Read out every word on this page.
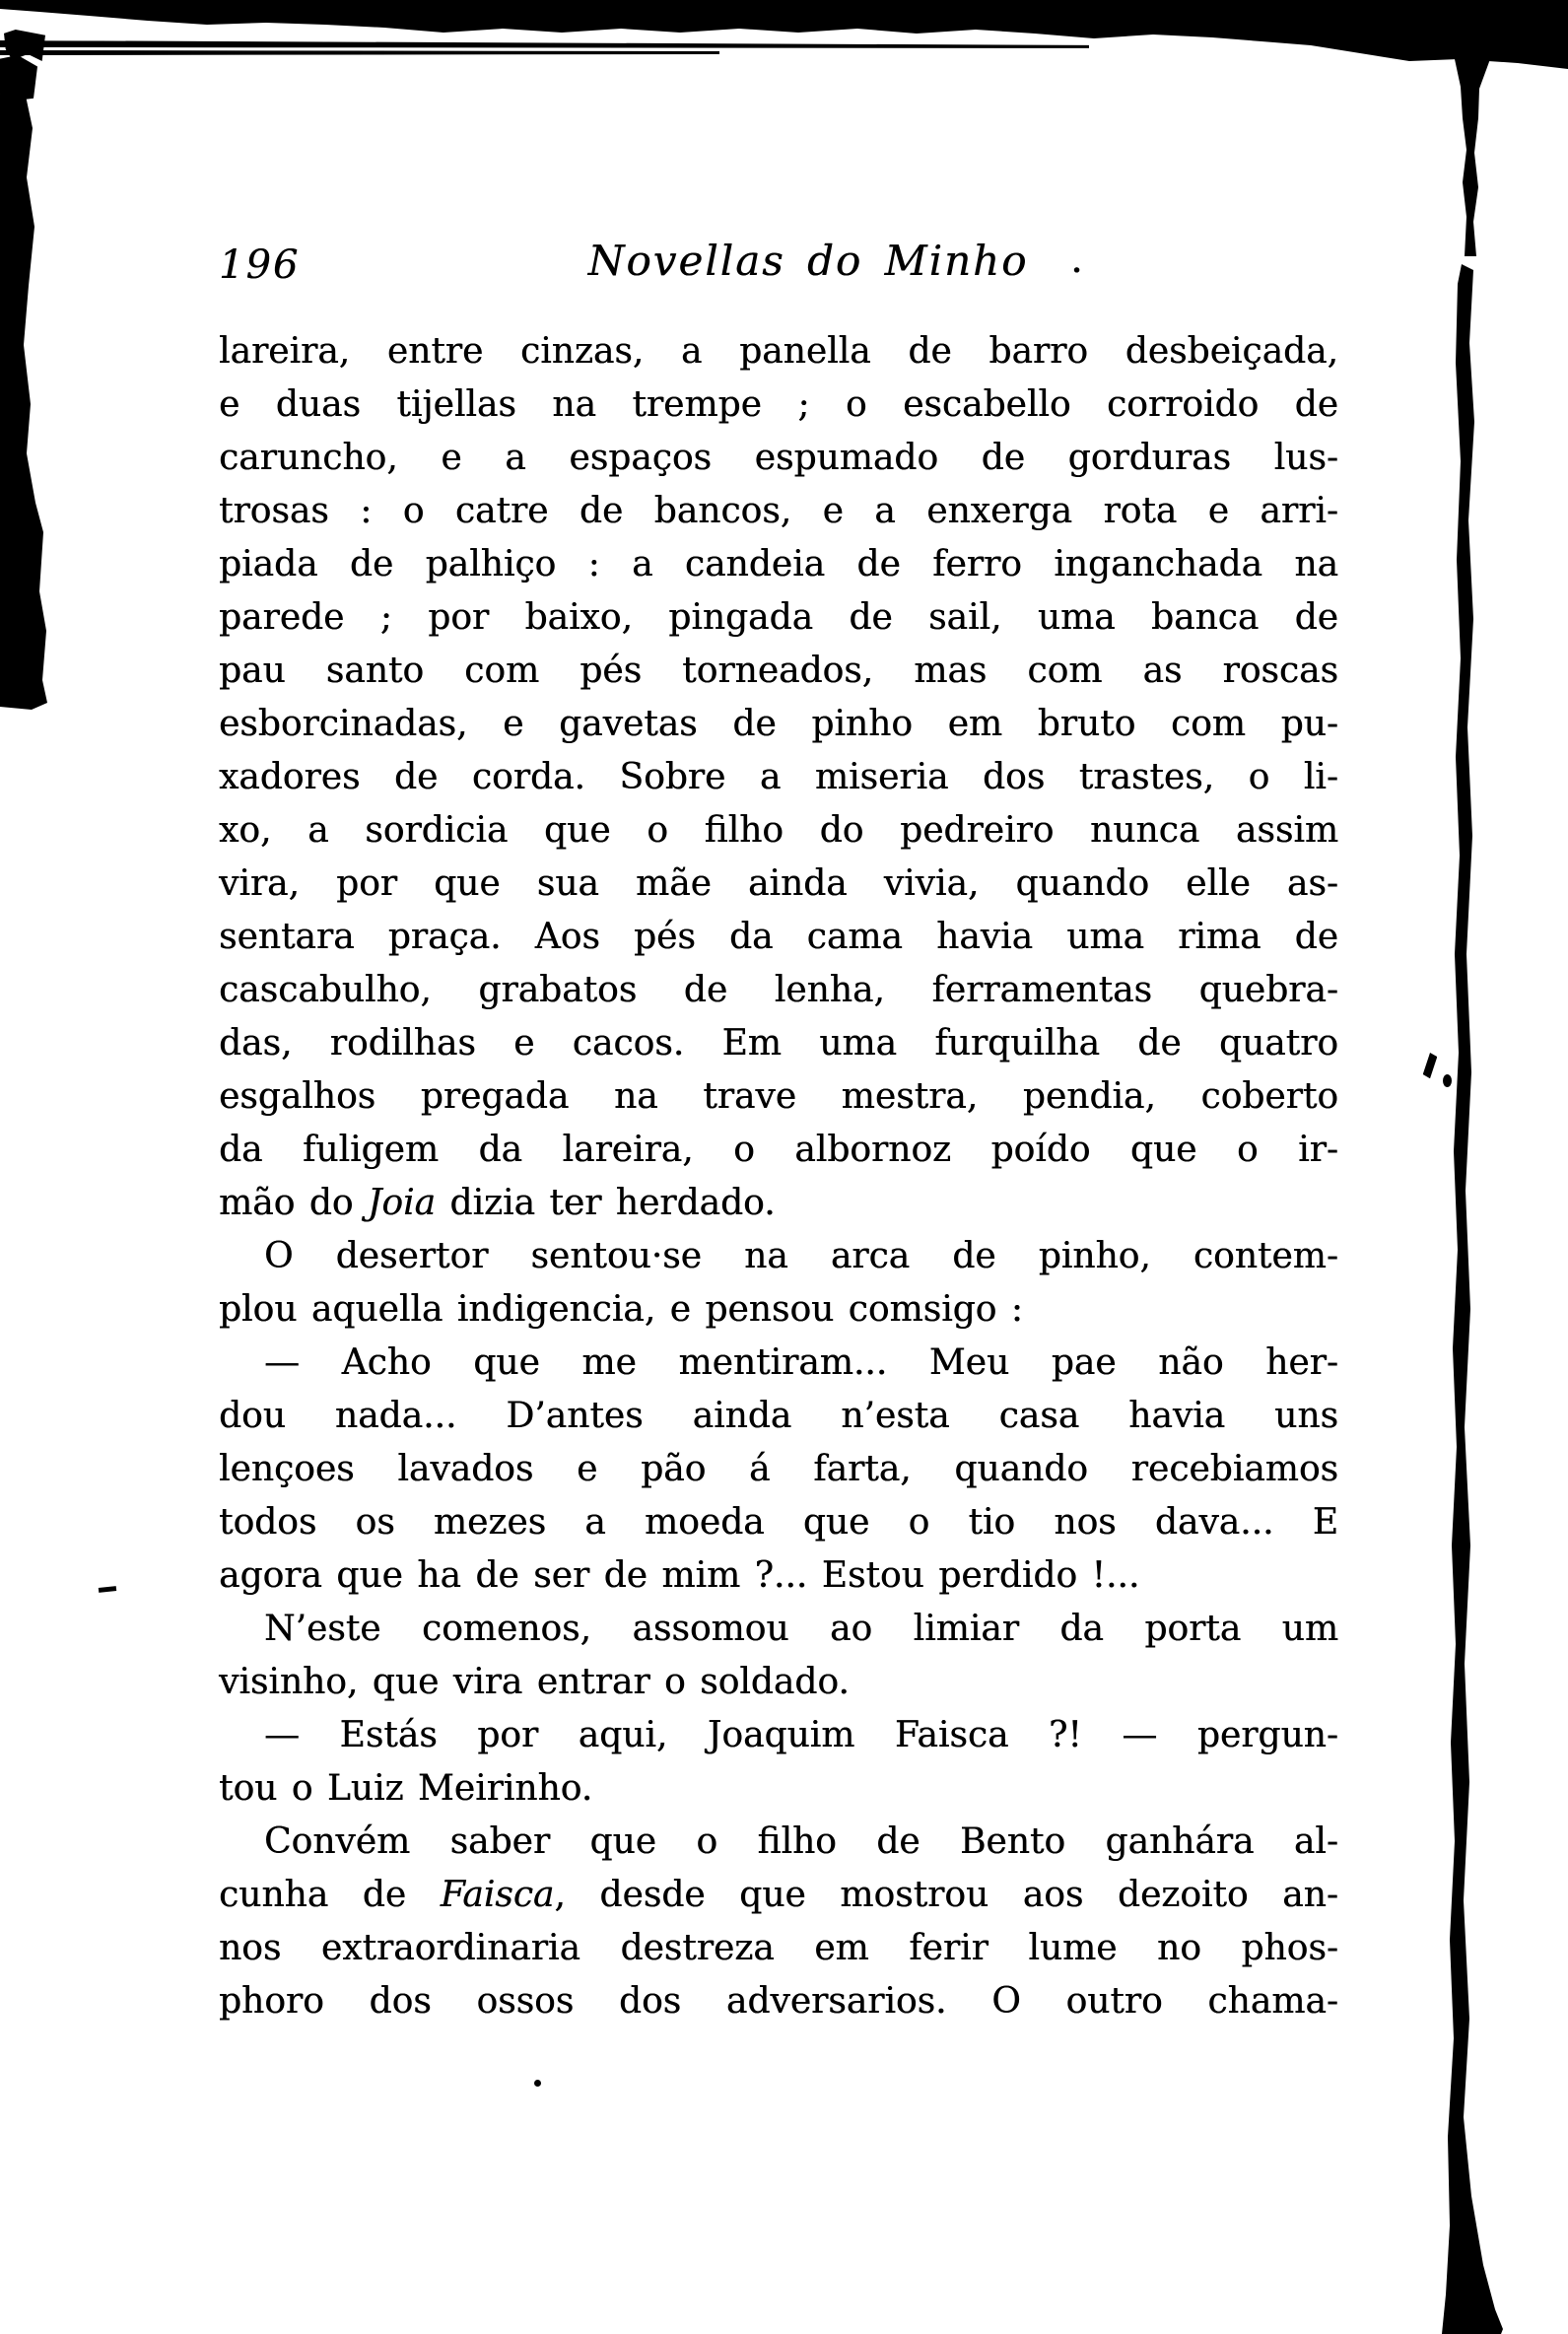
196	Novellas do Minho	.
lareira, entre cinzas, a panella de barro desbeiçada,
e duas tijellas na trempe ; o escabello corroido de
caruncho, e a espaços espumado de gorduras lus-
trosas : o catre de bancos, e a enxerga rota e arri-
piada de palhiço : a candeia de ferro inganchada na
parede ; por baixo, pingada de sail, uma banca de
pau santo com pés torneados, mas com as roscas
esborcinadas, e gavetas de pinho em bruto com pu-
xadores de corda. Sobre a miseria dos trastes, o li-
xo, a sordicia que o filho do pedreiro nunca assim
vira, por que sua mãe ainda vivia, quando elle as-
sentara praça. Aos pés da cama havia uma rima de
cascabulho, grabatos de lenha, ferramentas quebra-
das, rodilhas e cacos. Em uma furquilha de quatro
esgalhos pregada na trave mestra, pendia, coberto
da fuligem da lareira, o albornoz poído que o ir-
mão do Joia dizia ter herdado.
O desertor sentou·se na arca de pinho, contem-
plou aquella indigencia, e pensou comsigo :
— Acho que me mentiram... Meu pae não her-
dou nada... D’antes ainda n’esta casa havia uns
lençoes lavados e pão á farta, quando recebiamos
todos os mezes a moeda que o tio nos dava... E
agora que ha de ser de mim ?... Estou perdido !...
N’este comenos, assomou ao limiar da porta um
visinho, que vira entrar o soldado.
— Estás por aqui, Joaquim Faisca ?! — pergun-
tou o Luiz Meirinho.
Convém saber que o filho de Bento ganhára al-
cunha de Faisca, desde que mostrou aos dezoito an-
nos extraordinaria destreza em ferir lume no phos-
phoro dos ossos dos adversarios. O outro chama-
